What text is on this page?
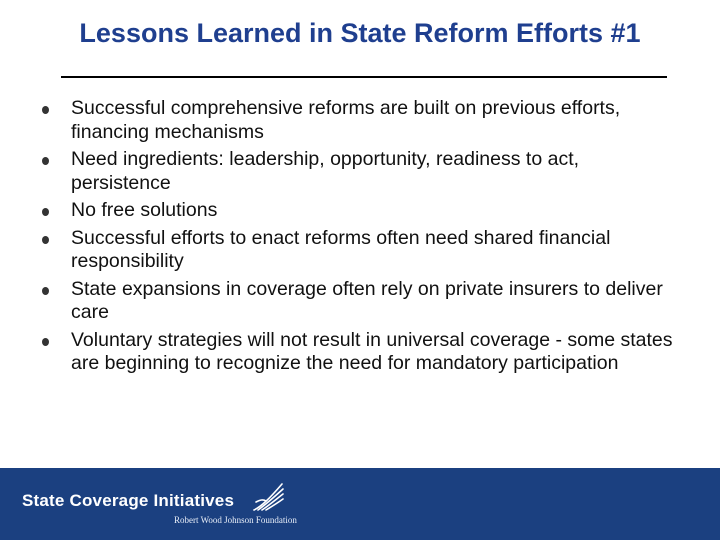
Lessons Learned in State Reform Efforts #1
Successful comprehensive reforms are built on previous efforts, financing mechanisms
Need ingredients: leadership, opportunity, readiness to act, persistence
No free solutions
Successful efforts to enact reforms often need shared financial responsibility
State expansions in coverage often rely on private insurers to deliver care
Voluntary strategies will not result in universal coverage - some states are beginning to recognize the need for mandatory participation
State Coverage Initiatives
Robert Wood Johnson Foundation
